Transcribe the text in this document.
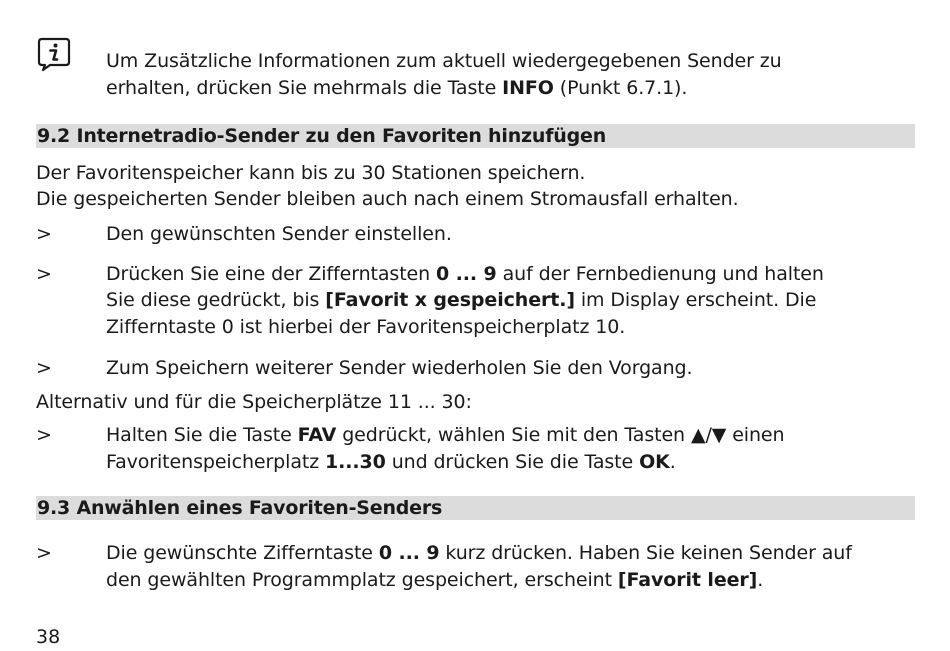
Um Zusätzliche Informationen zum aktuell wiedergegebenen Sender zu
erhalten, drücken Sie mehrmals die Taste INFO (Punkt 6.7.1).
9.2 Internetradio-Sender zu den Favoriten hinzufügen
Der Favoritenspeicher kann bis zu 30 Stationen speichern.
Die gespeicherten Sender bleiben auch nach einem Stromausfall erhalten.
>	Den gewünschten Sender einstellen.
>	Drücken Sie eine der Zifferntasten 0 ... 9 auf der Fernbedienung und halten
Sie diese gedrückt, bis [Favorit x gespeichert.] im Display erscheint. Die
Zifferntaste 0 ist hierbei der Favoritenspeicherplatz 10.
>	Zum Speichern weiterer Sender wiederholen Sie den Vorgang.
Alternativ und für die Speicherplätze 11 ... 30:
>	Halten Sie die Taste FAV gedrückt, wählen Sie mit den Tasten ▲/▼ einen
Favoritenspeicherplatz 1...30 und drücken Sie die Taste OK.
9.3 Anwählen eines Favoriten-Senders
>	Die gewünschte Zifferntaste 0 ... 9 kurz drücken. Haben Sie keinen Sender auf
den gewählten Programmplatz gespeichert, erscheint [Favorit leer].
38
